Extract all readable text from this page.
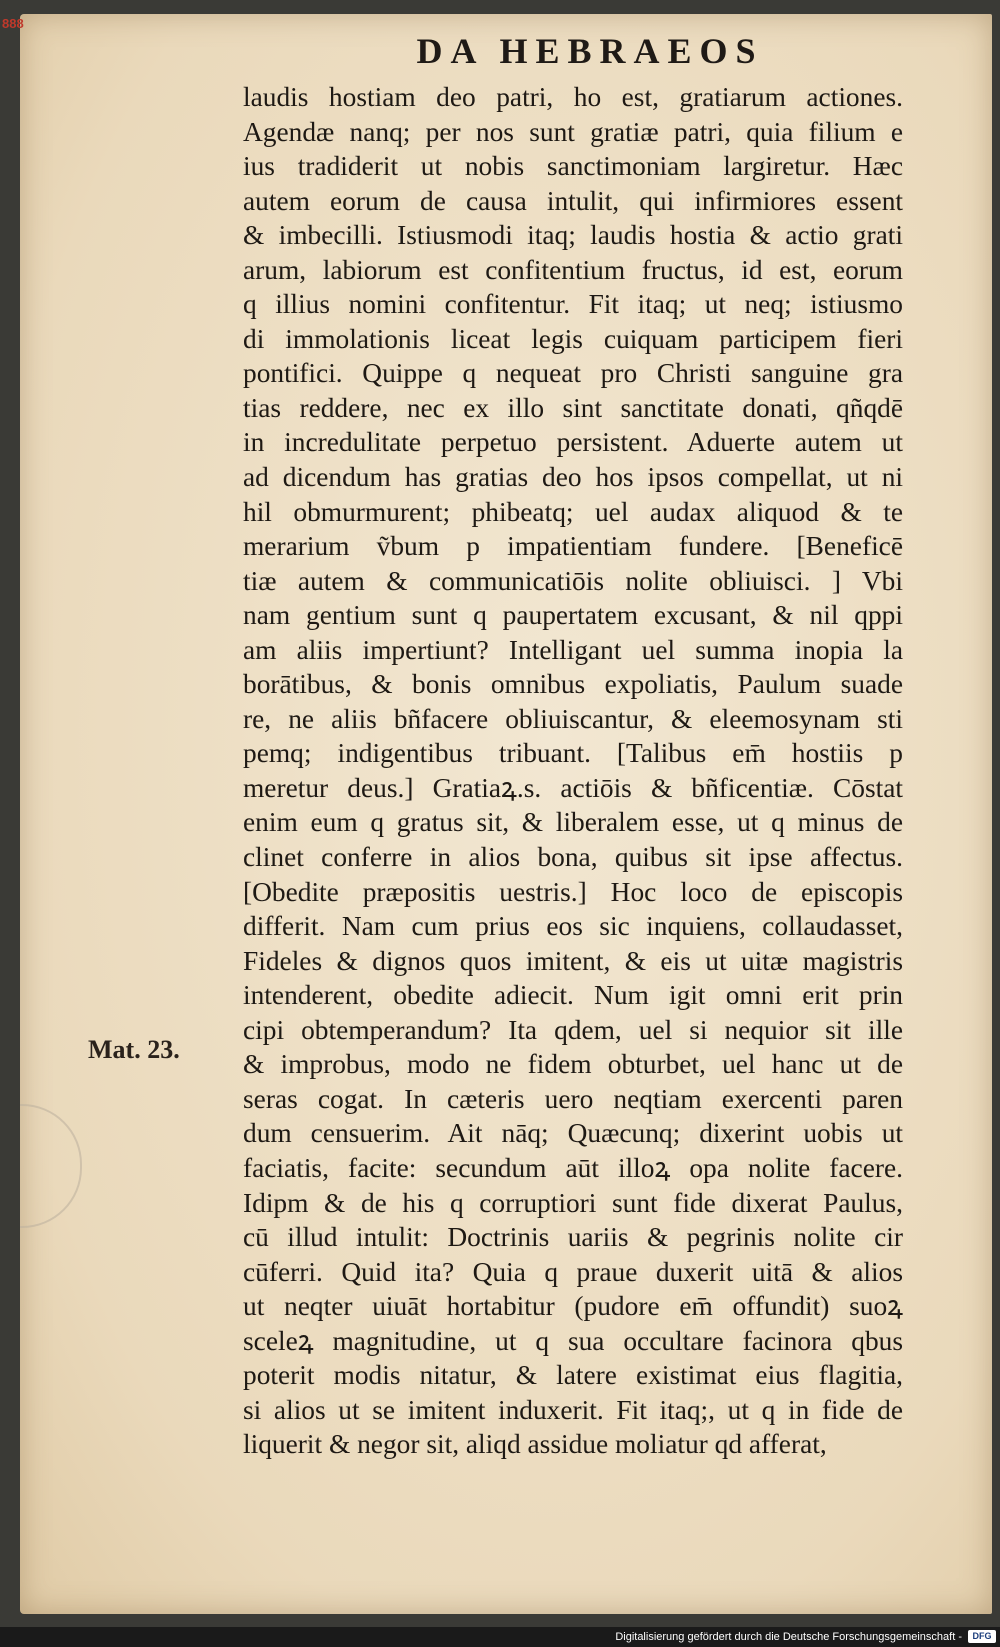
888
DA HEBRAEOS
Mat. 23.
laudis hostiam deo patri, ho est, gratiarum actiones.
Agendæ nanq; per nos sunt gratiæ patri, quia filium e
ius tradiderit ut nobis sanctimoniam largiretur. Hæc
autem eorum de causa intulit, qui infirmiores essent
& imbecilli. Istiusmodi itaq; laudis hostia & actio grati
arum, labiorum est confitentium fructus, id est, eorum
q illius nomini confitentur. Fit itaq; ut neq; istiusmo
di immolationis liceat legis cuiquam participem fieri
pontifici. Quippe q nequeat pro Christi sanguine gra
tias reddere, nec ex illo sint sanctitate donati, qñqdē
in incredulitate perpetuo persistent. Aduerte autem ut
ad dicendum has gratias deo hos ipsos compellat, ut ni
hil obmurmurent; phibeatq; uel audax aliquod & te
merarium ṽbum p impatientiam fundere. [Beneficē
tiæ autem & communicatiōis nolite obliuisci. ] Vbi
nam gentium sunt q paupertatem excusant, & nil qppi
am aliis impertiunt? Intelligant uel summa inopia la
borātibus, & bonis omnibus expoliatis, Paulum suade
re, ne aliis bñfacere obliuiscantur, & eleemosynam sti
pemq; indigentibus tribuant. [Talibus em̄ hostiis p
meretur deus.] Gratiaꝝ.s. actiōis & bñficentiæ. Cōstat
enim eum q gratus sit, & liberalem esse, ut q minus de
clinet conferre in alios bona, quibus sit ipse affectus.
[Obedite præpositis uestris.] Hoc loco de episcopis
differit. Nam cum prius eos sic inquiens, collaudasset,
Fideles & dignos quos imitent, & eis ut uitæ magistris
intenderent, obedite adiecit. Num igit omni erit prin
cipi obtemperandum? Ita qdem, uel si nequior sit ille
& improbus, modo ne fidem obturbet, uel hanc ut de
seras cogat. In cæteris uero neqtiam exercenti paren
dum censuerim. Ait nāq; Quæcunq; dixerint uobis ut
faciatis, facite: secundum aūt illoꝝ opa nolite facere.
Idipm & de his q corruptiori sunt fide dixerat Paulus,
cū illud intulit: Doctrinis uariis & pegrinis nolite cir
cūferri. Quid ita? Quia q praue duxerit uitā & alios
ut neqter uiuāt hortabitur (pudore em̄ offundit) suoꝝ
sceleꝝ magnitudine, ut q sua occultare facinora qbus
poterit modis nitatur, & latere existimat eius flagitia,
si alios ut se imitent induxerit. Fit itaq;, ut q in fide de
liquerit & negor sit, aliqd assidue moliatur qd afferat,
Digitalisierung gefördert durch die Deutsche Forschungsgemeinschaft -	DFG
